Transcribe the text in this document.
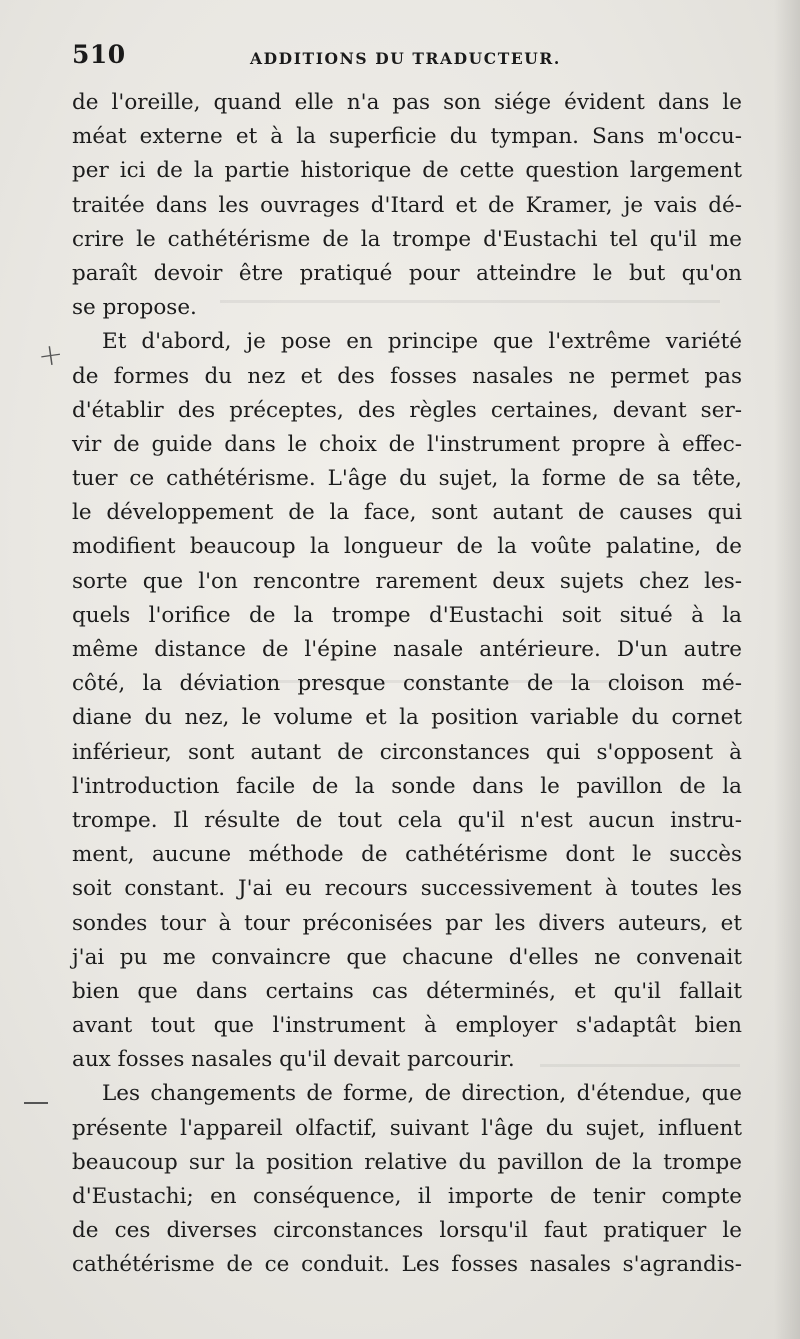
510	ADDITIONS DU TRADUCTEUR.
+
de l'oreille, quand elle n'a pas son siége évident dans le
méat externe et à la superficie du tympan. Sans m'occu-
per ici de la partie historique de cette question largement
traitée dans les ouvrages d'Itard et de Kramer, je vais dé-
crire le cathétérisme de la trompe d'Eustachi tel qu'il me
paraît devoir être pratiqué pour atteindre le but qu'on
se propose.
Et d'abord, je pose en principe que l'extrême variété
de formes du nez et des fosses nasales ne permet pas
d'établir des préceptes, des règles certaines, devant ser-
vir de guide dans le choix de l'instrument propre à effec-
tuer ce cathétérisme. L'âge du sujet, la forme de sa tête,
le développement de la face, sont autant de causes qui
modifient beaucoup la longueur de la voûte palatine, de
sorte que l'on rencontre rarement deux sujets chez les-
quels l'orifice de la trompe d'Eustachi soit situé à la
même distance de l'épine nasale antérieure. D'un autre
côté, la déviation presque constante de la cloison mé-
diane du nez, le volume et la position variable du cornet
inférieur, sont autant de circonstances qui s'opposent à
l'introduction facile de la sonde dans le pavillon de la
trompe. Il résulte de tout cela qu'il n'est aucun instru-
ment, aucune méthode de cathétérisme dont le succès
soit constant. J'ai eu recours successivement à toutes les
sondes tour à tour préconisées par les divers auteurs, et
j'ai pu me convaincre que chacune d'elles ne convenait
bien que dans certains cas déterminés, et qu'il fallait
avant tout que l'instrument à employer s'adaptât bien
aux fosses nasales qu'il devait parcourir.
Les changements de forme, de direction, d'étendue, que
présente l'appareil olfactif, suivant l'âge du sujet, influent
beaucoup sur la position relative du pavillon de la trompe
d'Eustachi; en conséquence, il importe de tenir compte
de ces diverses circonstances lorsqu'il faut pratiquer le
cathétérisme de ce conduit. Les fosses nasales s'agrandis-
